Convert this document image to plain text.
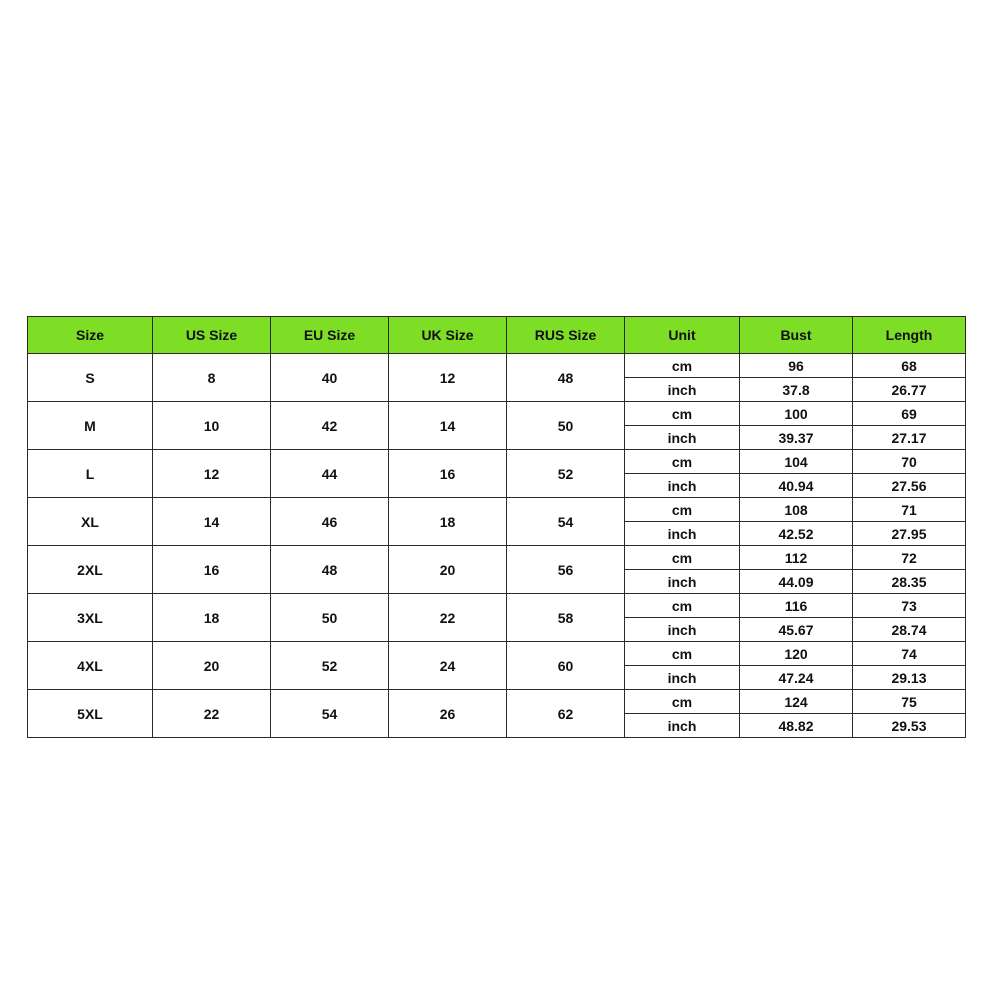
Size	US Size	EU Size	UK Size	RUS Size	Unit	Bust	Length
S	8	40	12	48	cm	96	68
					inch	37.8	26.77
M	10	42	14	50	cm	100	69
					inch	39.37	27.17
L	12	44	16	52	cm	104	70
					inch	40.94	27.56
XL	14	46	18	54	cm	108	71
					inch	42.52	27.95
2XL	16	48	20	56	cm	112	72
					inch	44.09	28.35
3XL	18	50	22	58	cm	116	73
					inch	45.67	28.74
4XL	20	52	24	60	cm	120	74
					inch	47.24	29.13
5XL	22	54	26	62	cm	124	75
					inch	48.82	29.53
